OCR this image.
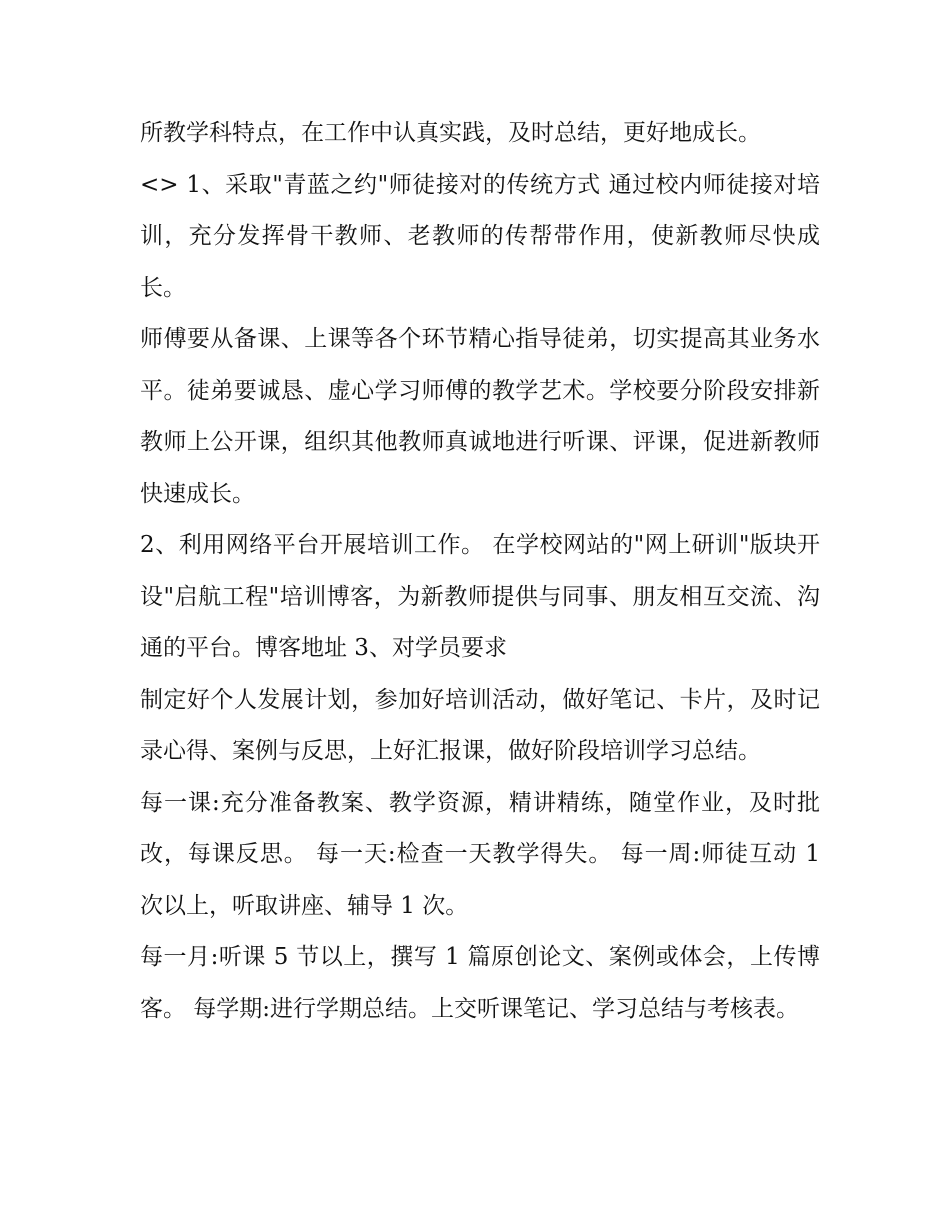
所教学科特点，在工作中认真实践，及时总结，更好地成长。

<> 1、采取"青蓝之约"师徒接对的传统方式 通过校内师徒接对培训，充分发挥骨干教师、老教师的传帮带作用，使新教师尽快成长。

师傅要从备课、上课等各个环节精心指导徒弟，切实提高其业务水平。徒弟要诚恳、虚心学习师傅的教学艺术。学校要分阶段安排新教师上公开课，组织其他教师真诚地进行听课、评课，促进新教师快速成长。

2、利用网络平台开展培训工作。 在学校网站的"网上研训"版块开设"启航工程"培训博客，为新教师提供与同事、朋友相互交流、沟通的平台。博客地址 3、对学员要求

制定好个人发展计划，参加好培训活动，做好笔记、卡片，及时记录心得、案例与反思，上好汇报课，做好阶段培训学习总结。

每一课:充分准备教案、教学资源，精讲精练，随堂作业，及时批改，每课反思。 每一天:检查一天教学得失。 每一周:师徒互动 1 次以上，听取讲座、辅导 1 次。

每一月:听课 5 节以上，撰写 1 篇原创论文、案例或体会，上传博客。 每学期:进行学期总结。上交听课笔记、学习总结与考核表。
